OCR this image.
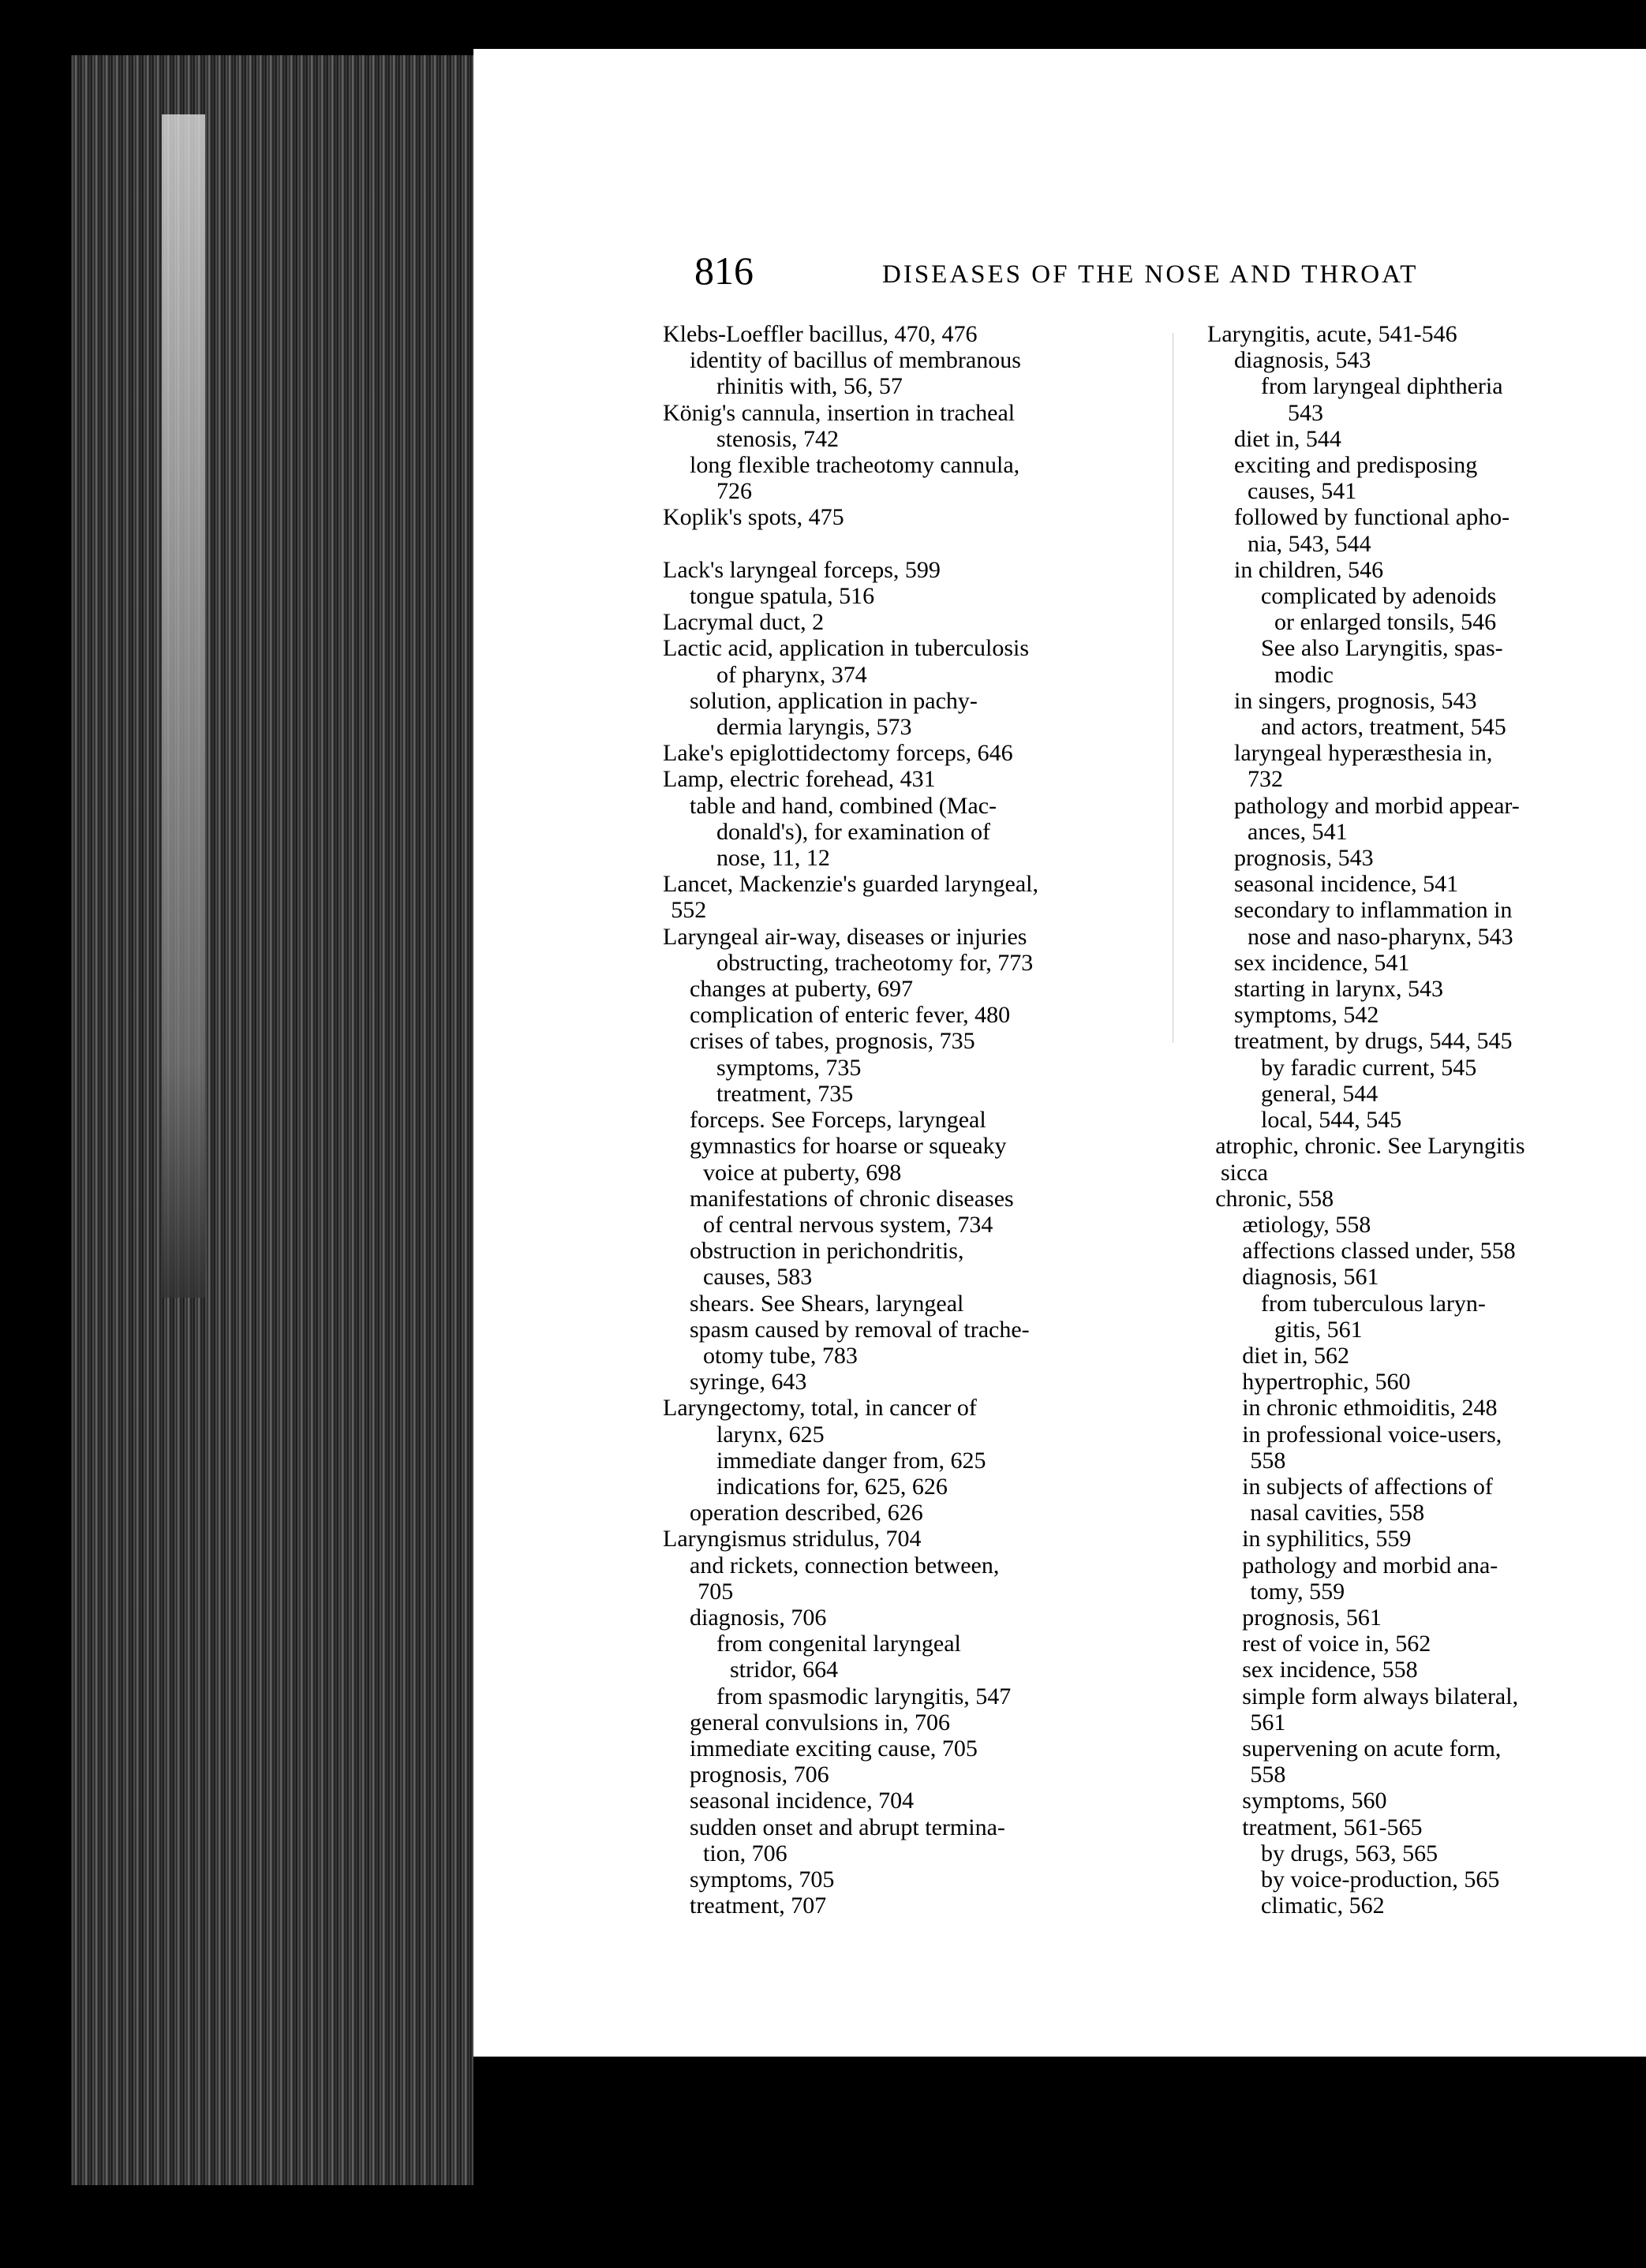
816	DISEASES OF THE NOSE AND THROAT
Klebs-Loeffler bacillus, 470, 476
identity of bacillus of membranous
rhinitis with, 56, 57
König's cannula, insertion in tracheal
stenosis, 742
long flexible tracheotomy cannula,
726
Koplik's spots, 475

Lack's laryngeal forceps, 599
tongue spatula, 516
Lacrymal duct, 2
Lactic acid, application in tuberculosis
of pharynx, 374
solution, application in pachy-
dermia laryngis, 573
Lake's epiglottidectomy forceps, 646
Lamp, electric forehead, 431
table and hand, combined (Mac-
donald's), for examination of
nose, 11, 12
Lancet, Mackenzie's guarded laryngeal,
552
Laryngeal air-way, diseases or injuries
obstructing, tracheotomy for, 773
changes at puberty, 697
complication of enteric fever, 480
crises of tabes, prognosis, 735
symptoms, 735
treatment, 735
forceps. See Forceps, laryngeal
gymnastics for hoarse or squeaky
voice at puberty, 698
manifestations of chronic diseases
of central nervous system, 734
obstruction in perichondritis,
causes, 583
shears. See Shears, laryngeal
spasm caused by removal of trache-
otomy tube, 783
syringe, 643
Laryngectomy, total, in cancer of
larynx, 625
immediate danger from, 625
indications for, 625, 626
operation described, 626
Laryngismus stridulus, 704
and rickets, connection between,
705
diagnosis, 706
from congenital laryngeal
stridor, 664
from spasmodic laryngitis, 547
general convulsions in, 706
immediate exciting cause, 705
prognosis, 706
seasonal incidence, 704
sudden onset and abrupt termina-
tion, 706
symptoms, 705
treatment, 707
Laryngitis, acute, 541-546
diagnosis, 543
from laryngeal diphtheria
543
diet in, 544
exciting and predisposing
causes, 541
followed by functional apho-
nia, 543, 544
in children, 546
complicated by adenoids
or enlarged tonsils, 546
See also Laryngitis, spas-
modic
in singers, prognosis, 543
and actors, treatment, 545
laryngeal hyperæsthesia in,
732
pathology and morbid appear-
ances, 541
prognosis, 543
seasonal incidence, 541
secondary to inflammation in
nose and naso-pharynx, 543
sex incidence, 541
starting in larynx, 543
symptoms, 542
treatment, by drugs, 544, 545
by faradic current, 545
general, 544
local, 544, 545
atrophic, chronic. See Laryngitis
sicca
chronic, 558
ætiology, 558
affections classed under, 558
diagnosis, 561
from tuberculous laryn-
gitis, 561
diet in, 562
hypertrophic, 560
in chronic ethmoiditis, 248
in professional voice-users,
558
in subjects of affections of
nasal cavities, 558
in syphilitics, 559
pathology and morbid ana-
tomy, 559
prognosis, 561
rest of voice in, 562
sex incidence, 558
simple form always bilateral,
561
supervening on acute form,
558
symptoms, 560
treatment, 561-565
by drugs, 563, 565
by voice-production, 565
climatic, 562
